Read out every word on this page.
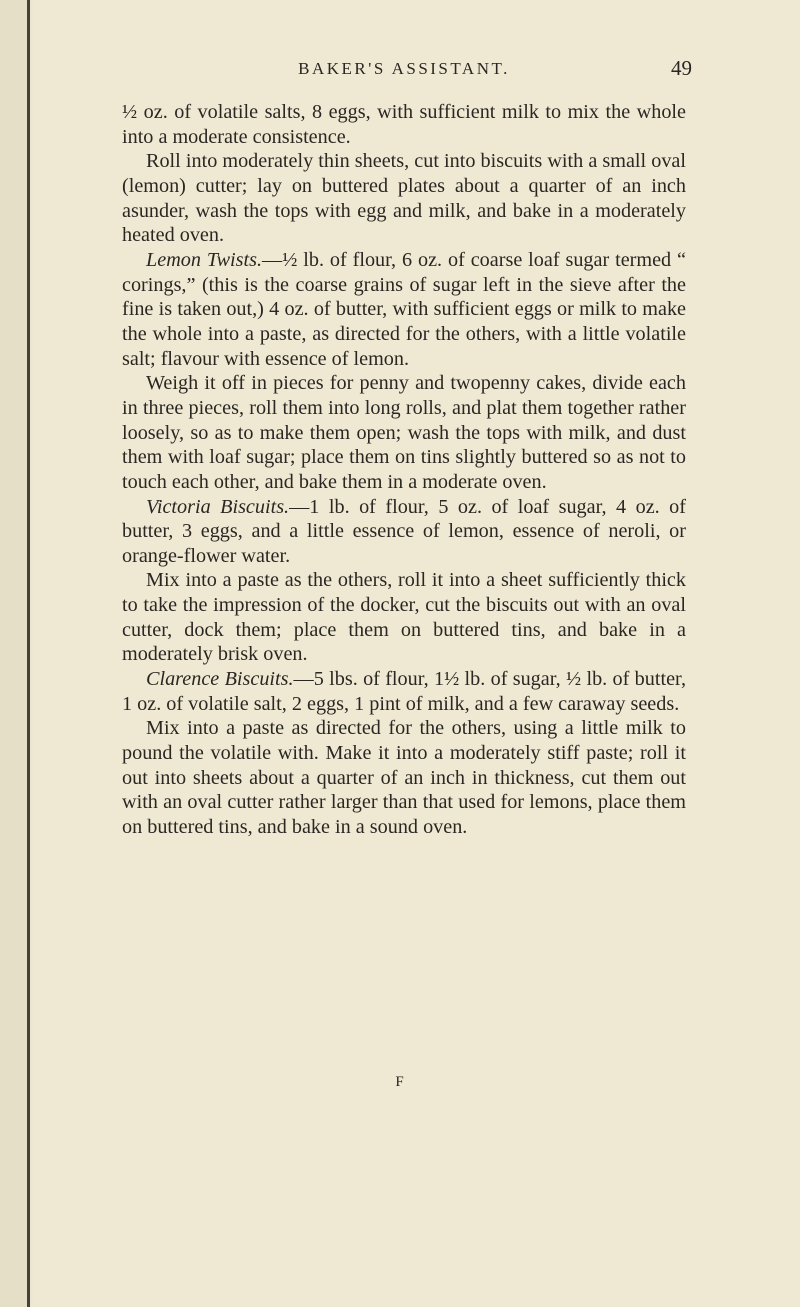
BAKER'S ASSISTANT.	49

½ oz. of volatile salts, 8 eggs, with sufficient milk to mix the whole into a moderate consistence.

Roll into moderately thin sheets, cut into biscuits with a small oval (lemon) cutter; lay on buttered plates about a quarter of an inch asunder, wash the tops with egg and milk, and bake in a moderately heated oven.

Lemon Twists.—½ lb. of flour, 6 oz. of coarse loaf sugar termed “ corings,” (this is the coarse grains of sugar left in the sieve after the fine is taken out,) 4 oz. of butter, with sufficient eggs or milk to make the whole into a paste, as directed for the others, with a little volatile salt; flavour with essence of lemon.

Weigh it off in pieces for penny and twopenny cakes, divide each in three pieces, roll them into long rolls, and plat them together rather loosely, so as to make them open; wash the tops with milk, and dust them with loaf sugar; place them on tins slightly buttered so as not to touch each other, and bake them in a moderate oven.

Victoria Biscuits.—1 lb. of flour, 5 oz. of loaf sugar, 4 oz. of butter, 3 eggs, and a little essence of lemon, essence of neroli, or orange-flower water.

Mix into a paste as the others, roll it into a sheet sufficiently thick to take the impression of the docker, cut the biscuits out with an oval cutter, dock them; place them on buttered tins, and bake in a moderately brisk oven.

Clarence Biscuits.—5 lbs. of flour, 1½ lb. of sugar, ½ lb. of butter, 1 oz. of volatile salt, 2 eggs, 1 pint of milk, and a few caraway seeds.

Mix into a paste as directed for the others, using a little milk to pound the volatile with. Make it into a moderately stiff paste; roll it out into sheets about a quarter of an inch in thickness, cut them out with an oval cutter rather larger than that used for lemons, place them on buttered tins, and bake in a sound oven.

F
